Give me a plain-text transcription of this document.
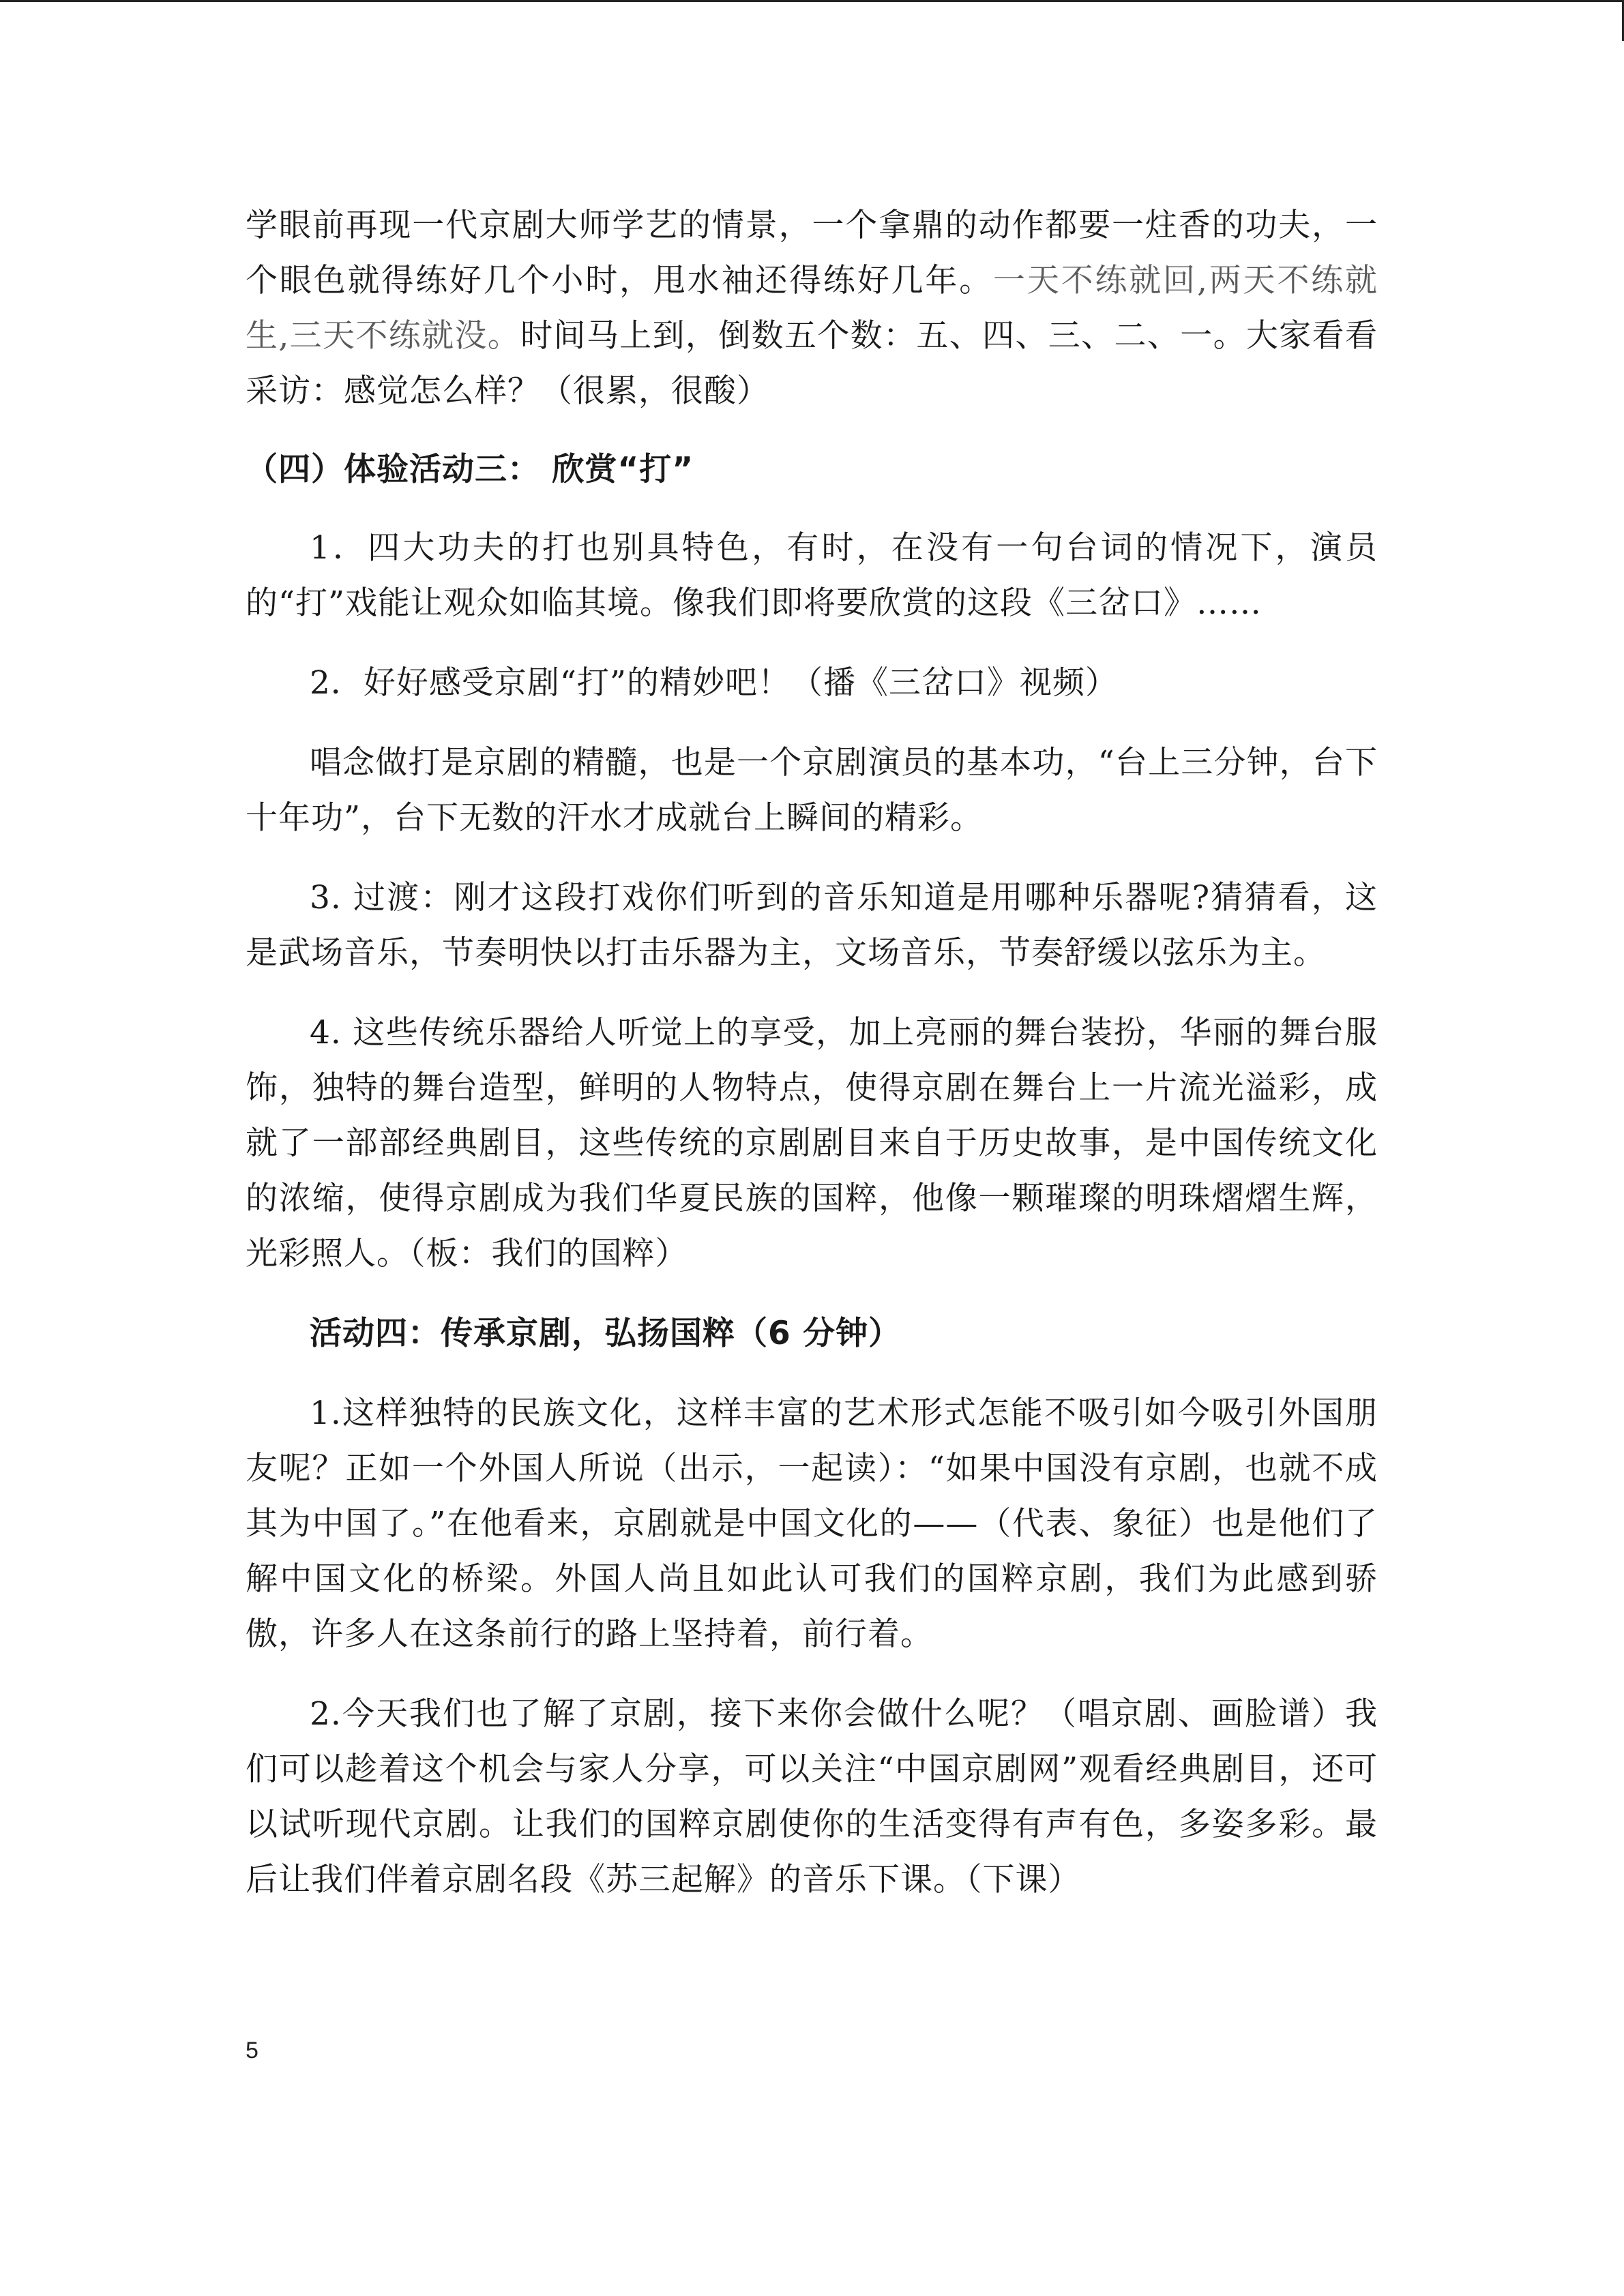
学眼前再现一代京剧大师学艺的情景，一个拿鼎的动作都要一炷香的功夫，一个眼色就得练好几个小时，甩水袖还得练好几年。一天不练就回,两天不练就生,三天不练就没。时间马上到，倒数五个数：五、四、三、二、一。大家看看采访：感觉怎么样？（很累，很酸）

（四）体验活动三： 欣赏“打”

1．四大功夫的打也别具特色，有时，在没有一句台词的情况下，演员的“打”戏能让观众如临其境。像我们即将要欣赏的这段《三岔口》……

2．好好感受京剧“打”的精妙吧！（播《三岔口》视频）

唱念做打是京剧的精髓，也是一个京剧演员的基本功，“台上三分钟，台下十年功”，台下无数的汗水才成就台上瞬间的精彩。

3. 过渡：刚才这段打戏你们听到的音乐知道是用哪种乐器呢?猜猜看，这是武场音乐，节奏明快以打击乐器为主，文场音乐，节奏舒缓以弦乐为主。

4. 这些传统乐器给人听觉上的享受，加上亮丽的舞台装扮，华丽的舞台服饰，独特的舞台造型，鲜明的人物特点，使得京剧在舞台上一片流光溢彩，成就了一部部经典剧目，这些传统的京剧剧目来自于历史故事，是中国传统文化的浓缩，使得京剧成为我们华夏民族的国粹，他像一颗璀璨的明珠熠熠生辉，光彩照人。（板：我们的国粹）

活动四：传承京剧，弘扬国粹（6 分钟）

1.这样独特的民族文化，这样丰富的艺术形式怎能不吸引如今吸引外国朋友呢？正如一个外国人所说（出示，一起读）：“如果中国没有京剧，也就不成其为中国了。”在他看来，京剧就是中国文化的——（代表、象征）也是他们了解中国文化的桥梁。外国人尚且如此认可我们的国粹京剧，我们为此感到骄傲，许多人在这条前行的路上坚持着，前行着。

2.今天我们也了解了京剧，接下来你会做什么呢？（唱京剧、画脸谱）我们可以趁着这个机会与家人分享，可以关注“中国京剧网”观看经典剧目，还可以试听现代京剧。让我们的国粹京剧使你的生活变得有声有色，多姿多彩。最后让我们伴着京剧名段《苏三起解》的音乐下课。（下课）

5
